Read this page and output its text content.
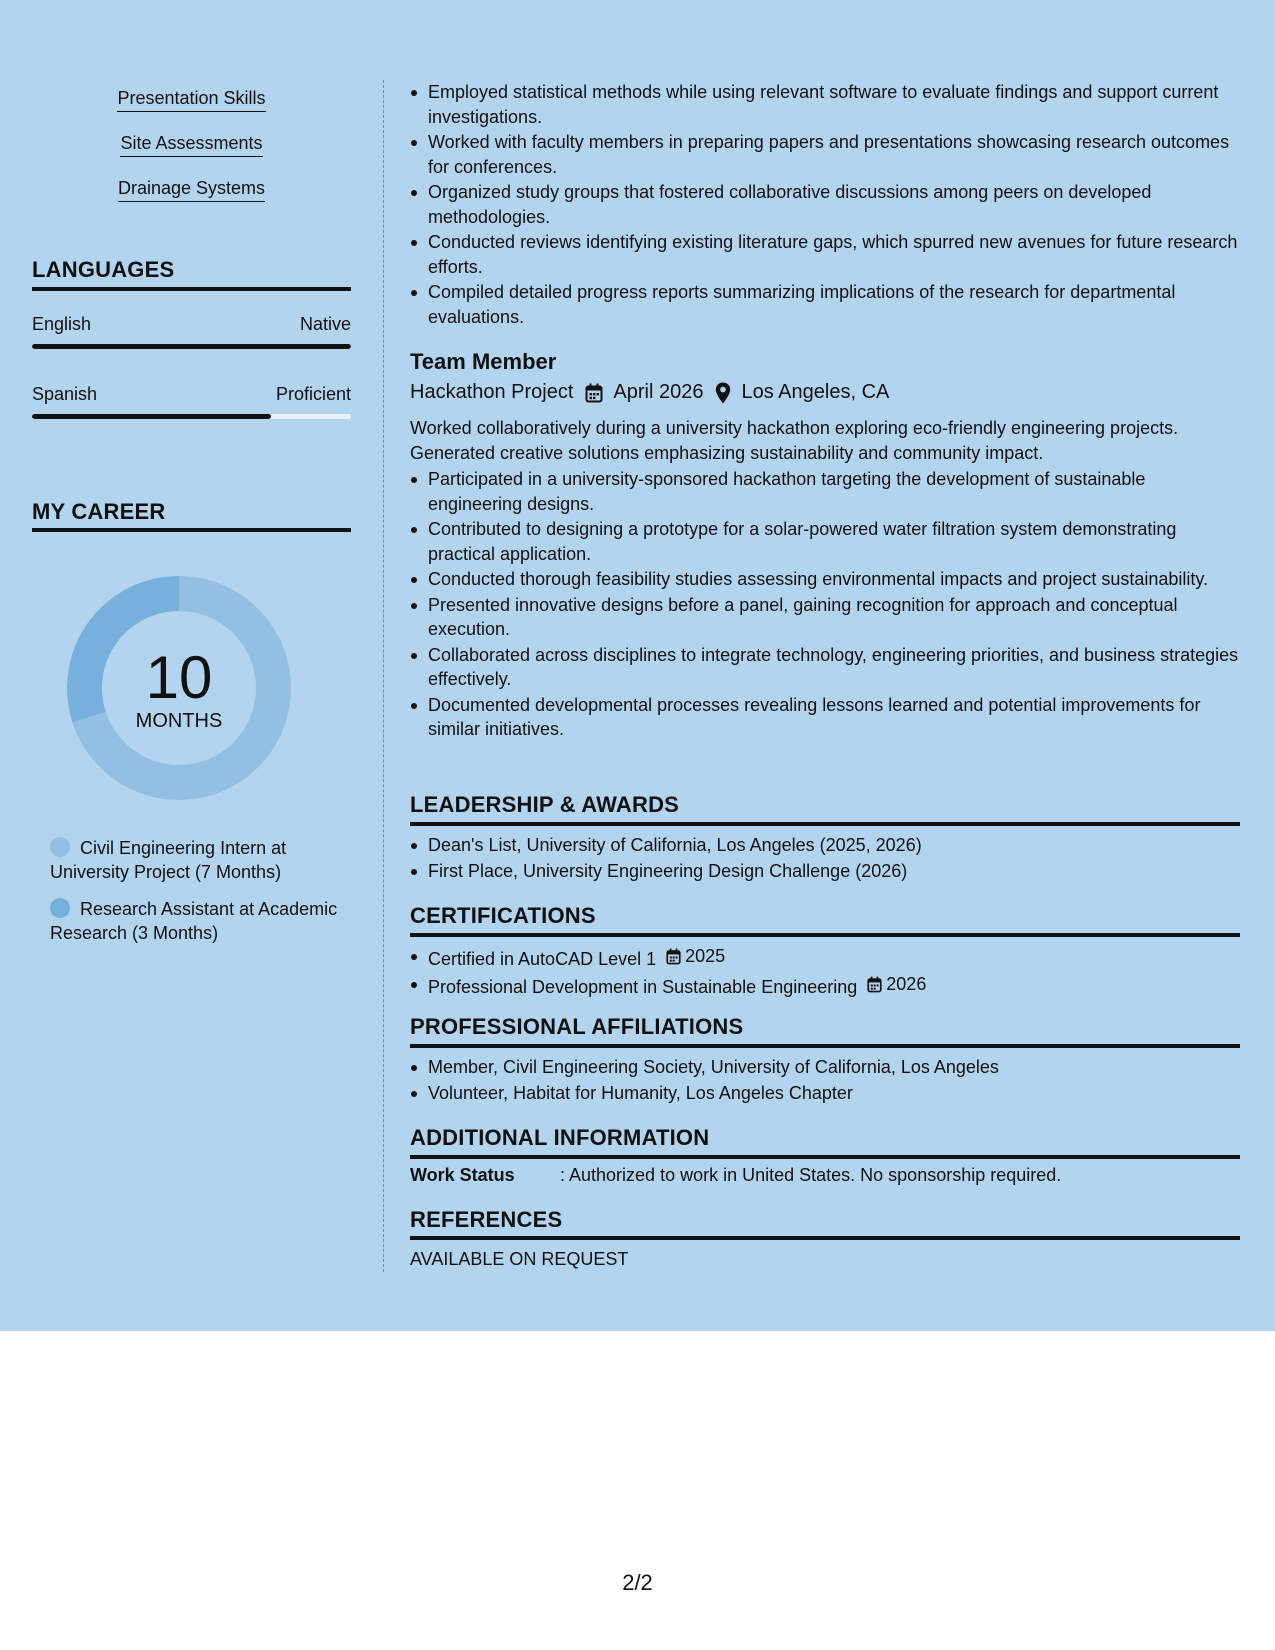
Presentation Skills
Site Assessments
Drainage Systems
LANGUAGES
English	Native
Spanish	Proficient
MY CAREER
10
MONTHS
Civil Engineering Intern at University Project (7 Months)
Research Assistant at Academic Research (3 Months)
Employed statistical methods while using relevant software to evaluate findings and support current investigations.
Worked with faculty members in preparing papers and presentations showcasing research outcomes for conferences.
Organized study groups that fostered collaborative discussions among peers on developed methodologies.
Conducted reviews identifying existing literature gaps, which spurred new avenues for future research efforts.
Compiled detailed progress reports summarizing implications of the research for departmental evaluations.
Team Member
Hackathon Project April 2026 Los Angeles, CA
Worked collaboratively during a university hackathon exploring eco-friendly engineering projects. Generated creative solutions emphasizing sustainability and community impact.
Participated in a university-sponsored hackathon targeting the development of sustainable engineering designs.
Contributed to designing a prototype for a solar-powered water filtration system demonstrating practical application.
Conducted thorough feasibility studies assessing environmental impacts and project sustainability.
Presented innovative designs before a panel, gaining recognition for approach and conceptual execution.
Collaborated across disciplines to integrate technology, engineering priorities, and business strategies effectively.
Documented developmental processes revealing lessons learned and potential improvements for similar initiatives.
LEADERSHIP & AWARDS
Dean's List, University of California, Los Angeles (2025, 2026)
First Place, University Engineering Design Challenge (2026)
CERTIFICATIONS
Certified in AutoCAD Level 1 2025
Professional Development in Sustainable Engineering 2026
PROFESSIONAL AFFILIATIONS
Member, Civil Engineering Society, University of California, Los Angeles
Volunteer, Habitat for Humanity, Los Angeles Chapter
ADDITIONAL INFORMATION
Work Status	: Authorized to work in United States. No sponsorship required.
REFERENCES
AVAILABLE ON REQUEST
2/2
